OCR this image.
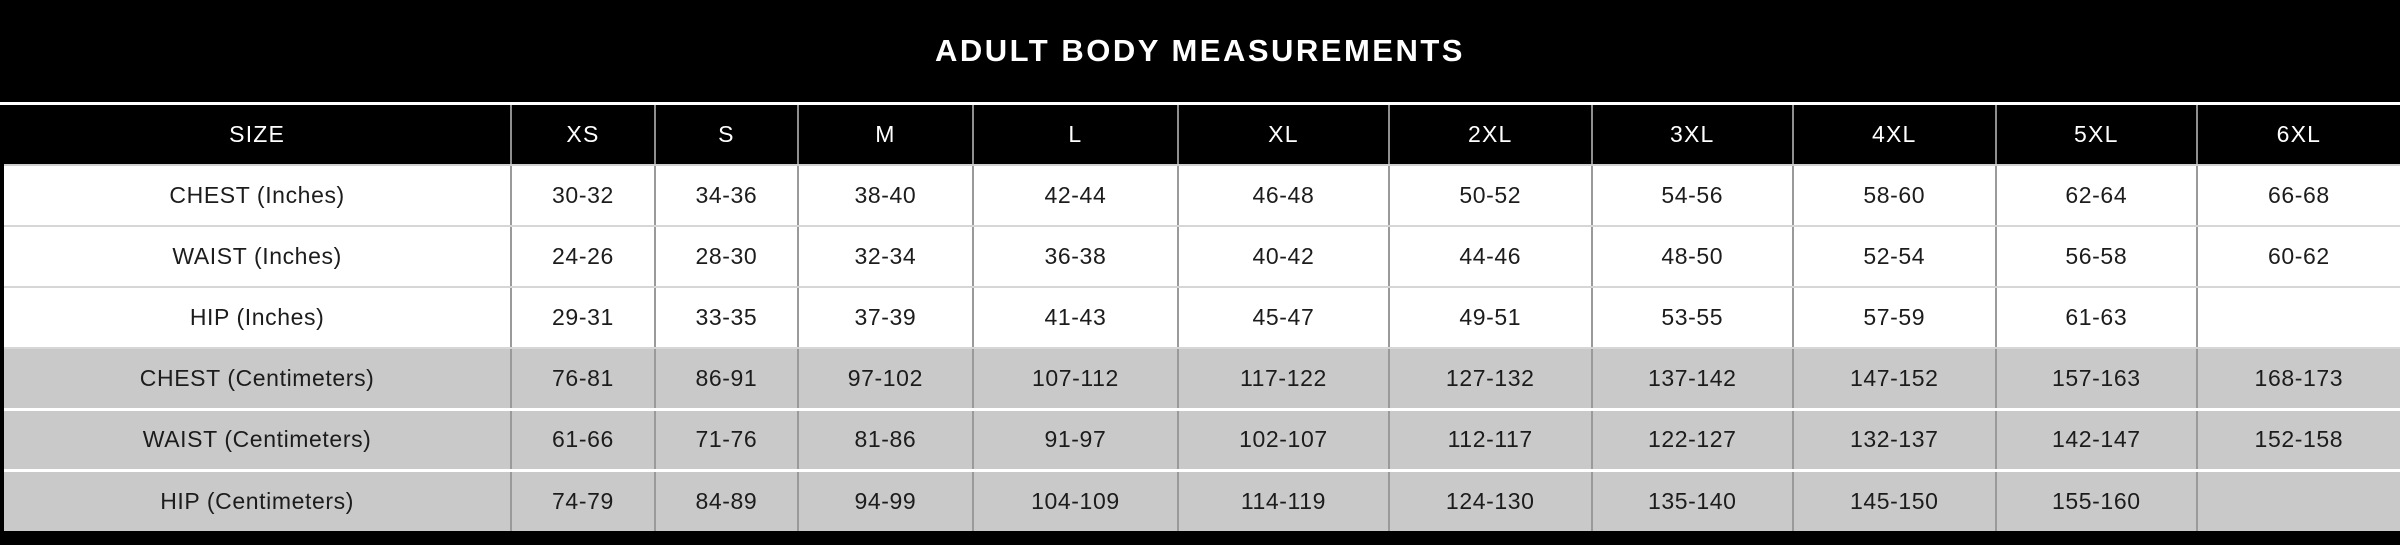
ADULT BODY MEASUREMENTS
SIZE	XS	S	M	L	XL	2XL	3XL	4XL	5XL	6XL
CHEST (Inches)	30-32	34-36	38-40	42-44	46-48	50-52	54-56	58-60	62-64	66-68
WAIST (Inches)	24-26	28-30	32-34	36-38	40-42	44-46	48-50	52-54	56-58	60-62
HIP (Inches)	29-31	33-35	37-39	41-43	45-47	49-51	53-55	57-59	61-63	
CHEST (Centimeters)	76-81	86-91	97-102	107-112	117-122	127-132	137-142	147-152	157-163	168-173
WAIST (Centimeters)	61-66	71-76	81-86	91-97	102-107	112-117	122-127	132-137	142-147	152-158
HIP (Centimeters)	74-79	84-89	94-99	104-109	114-119	124-130	135-140	145-150	155-160	
